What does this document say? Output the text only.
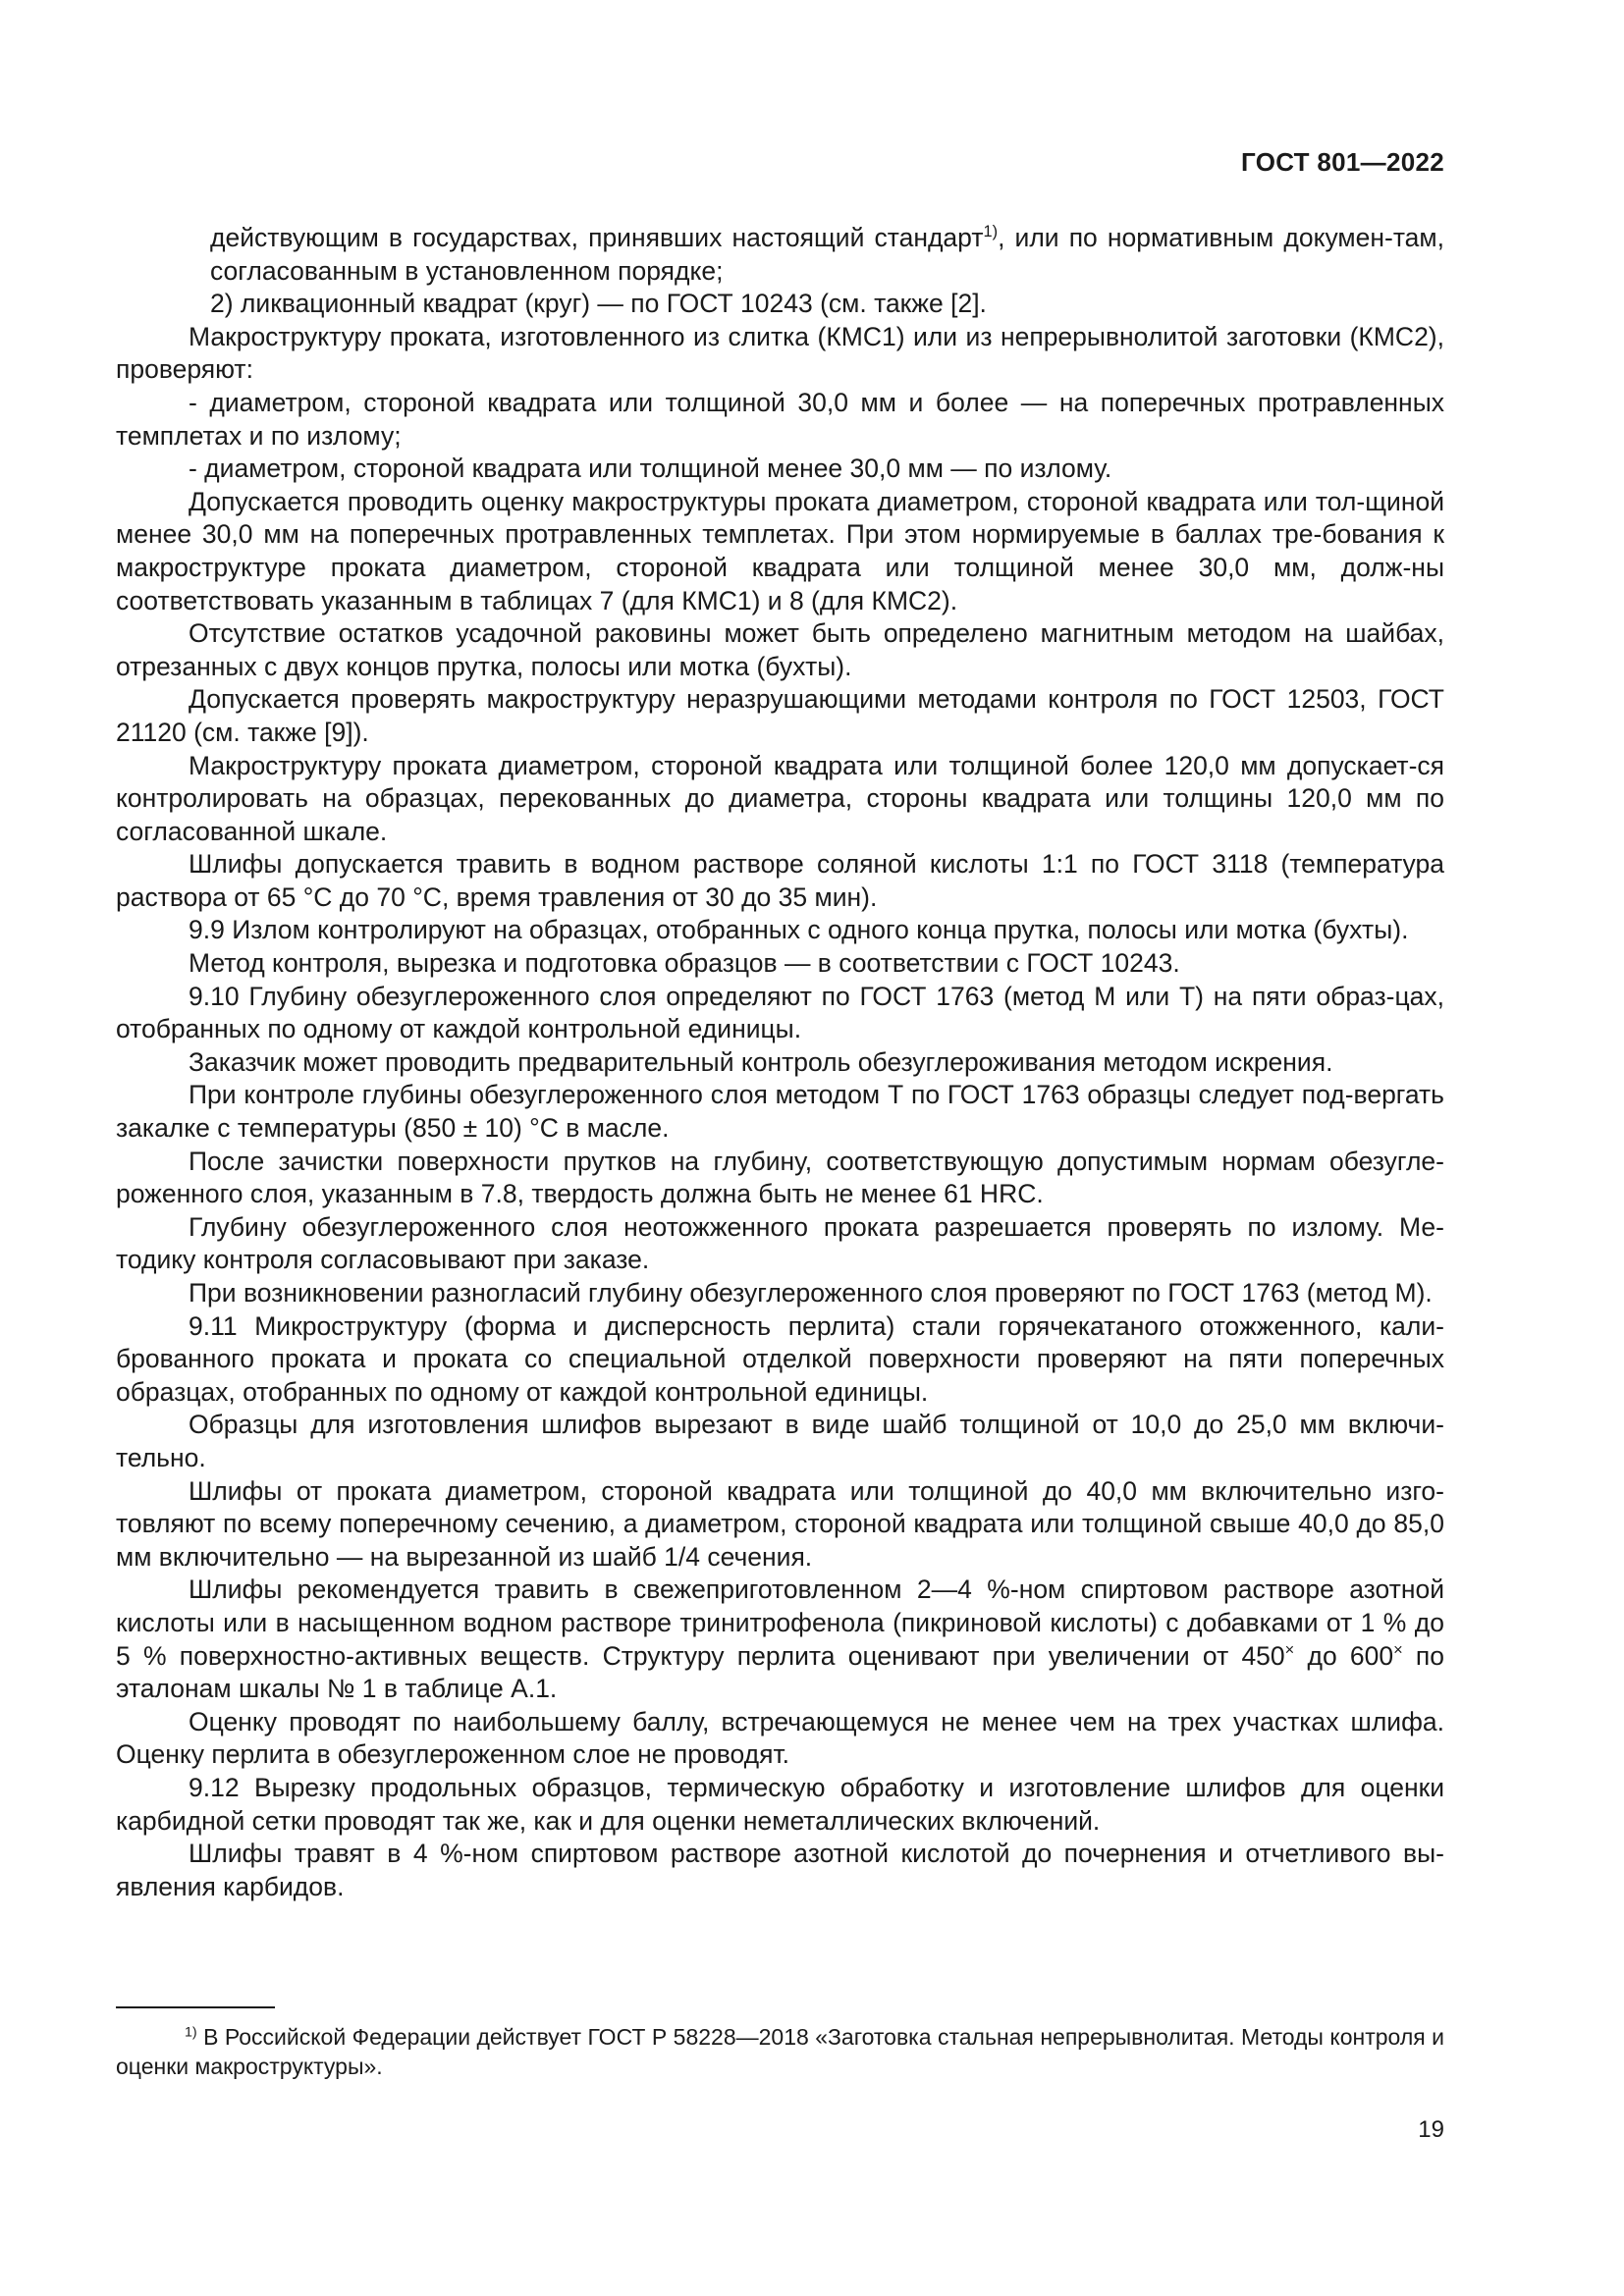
ГОСТ 801—2022

действующим в государствах, принявших настоящий стандарт$^{1)}$, или по нормативным докумен-там, согласованным в установленном порядке;

2) ликвационный квадрат (круг) — по ГОСТ 10243 (см. также [2].

Макроструктуру проката, изготовленного из слитка (КМС1) или из непрерывнолитой заготовки (КМС2), проверяют:

- диаметром, стороной квадрата или толщиной 30,0 мм и более — на поперечных протравленных темплетах и по излому;

- диаметром, стороной квадрата или толщиной менее 30,0 мм — по излому.

Допускается проводить оценку макроструктуры проката диаметром, стороной квадрата или тол-щиной менее 30,0 мм на поперечных протравленных темплетах. При этом нормируемые в баллах тре-бования к макроструктуре проката диаметром, стороной квадрата или толщиной менее 30,0 мм, долж-ны соответствовать указанным в таблицах 7 (для КМС1) и 8 (для КМС2).

Отсутствие остатков усадочной раковины может быть определено магнитным методом на шайбах, отрезанных с двух концов прутка, полосы или мотка (бухты).

Допускается проверять макроструктуру неразрушающими методами контроля по ГОСТ 12503, ГОСТ 21120 (см. также [9]).

Макроструктуру проката диаметром, стороной квадрата или толщиной более 120,0 мм допускает-ся контролировать на образцах, перекованных до диаметра, стороны квадрата или толщины 120,0 мм по согласованной шкале.

Шлифы допускается травить в водном растворе соляной кислоты 1:1 по ГОСТ 3118 (температура раствора от 65 °С до 70 °С, время травления от 30 до 35 мин).

9.9 Излом контролируют на образцах, отобранных с одного конца прутка, полосы или мотка (бухты).

Метод контроля, вырезка и подготовка образцов — в соответствии с ГОСТ 10243.

9.10 Глубину обезуглероженного слоя определяют по ГОСТ 1763 (метод М или Т) на пяти образ-цах, отобранных по одному от каждой контрольной единицы.

Заказчик может проводить предварительный контроль обезуглероживания методом искрения.

При контроле глубины обезуглероженного слоя методом Т по ГОСТ 1763 образцы следует под-вергать закалке с температуры (850 ± 10) °С в масле.

После зачистки поверхности прутков на глубину, соответствующую допустимым нормам обезугле-роженного слоя, указанным в 7.8, твердость должна быть не менее 61 HRC.

Глубину обезуглероженного слоя неотожженного проката разрешается проверять по излому. Ме-тодику контроля согласовывают при заказе.

При возникновении разногласий глубину обезуглероженного слоя проверяют по ГОСТ 1763 (метод М).

9.11 Микроструктуру (форма и дисперсность перлита) стали горячекатаного отожженного, кали-брованного проката и проката со специальной отделкой поверхности проверяют на пяти поперечных образцах, отобранных по одному от каждой контрольной единицы.

Образцы для изготовления шлифов вырезают в виде шайб толщиной от 10,0 до 25,0 мм включи-тельно.

Шлифы от проката диаметром, стороной квадрата или толщиной до 40,0 мм включительно изго-товляют по всему поперечному сечению, а диаметром, стороной квадрата или толщиной свыше 40,0 до 85,0 мм включительно — на вырезанной из шайб 1/4 сечения.

Шлифы рекомендуется травить в свежеприготовленном 2—4 %-ном спиртовом растворе азотной кислоты или в насыщенном водном растворе тринитрофенола (пикриновой кислоты) с добавками от 1 % до 5 % поверхностно-активных веществ. Структуру перлита оценивают при увеличении от 450× до 600× по эталонам шкалы № 1 в таблице А.1.

Оценку проводят по наибольшему баллу, встречающемуся не менее чем на трех участках шлифа. Оценку перлита в обезуглероженном слое не проводят.

9.12 Вырезку продольных образцов, термическую обработку и изготовление шлифов для оценки карбидной сетки проводят так же, как и для оценки неметаллических включений.

Шлифы травят в 4 %-ном спиртовом растворе азотной кислотой до почернения и отчетливого вы-явления карбидов.

$^{1)}$ В Российской Федерации действует ГОСТ Р 58228—2018 «Заготовка стальная непрерывнолитая. Методы контроля и оценки макроструктуры».
19
